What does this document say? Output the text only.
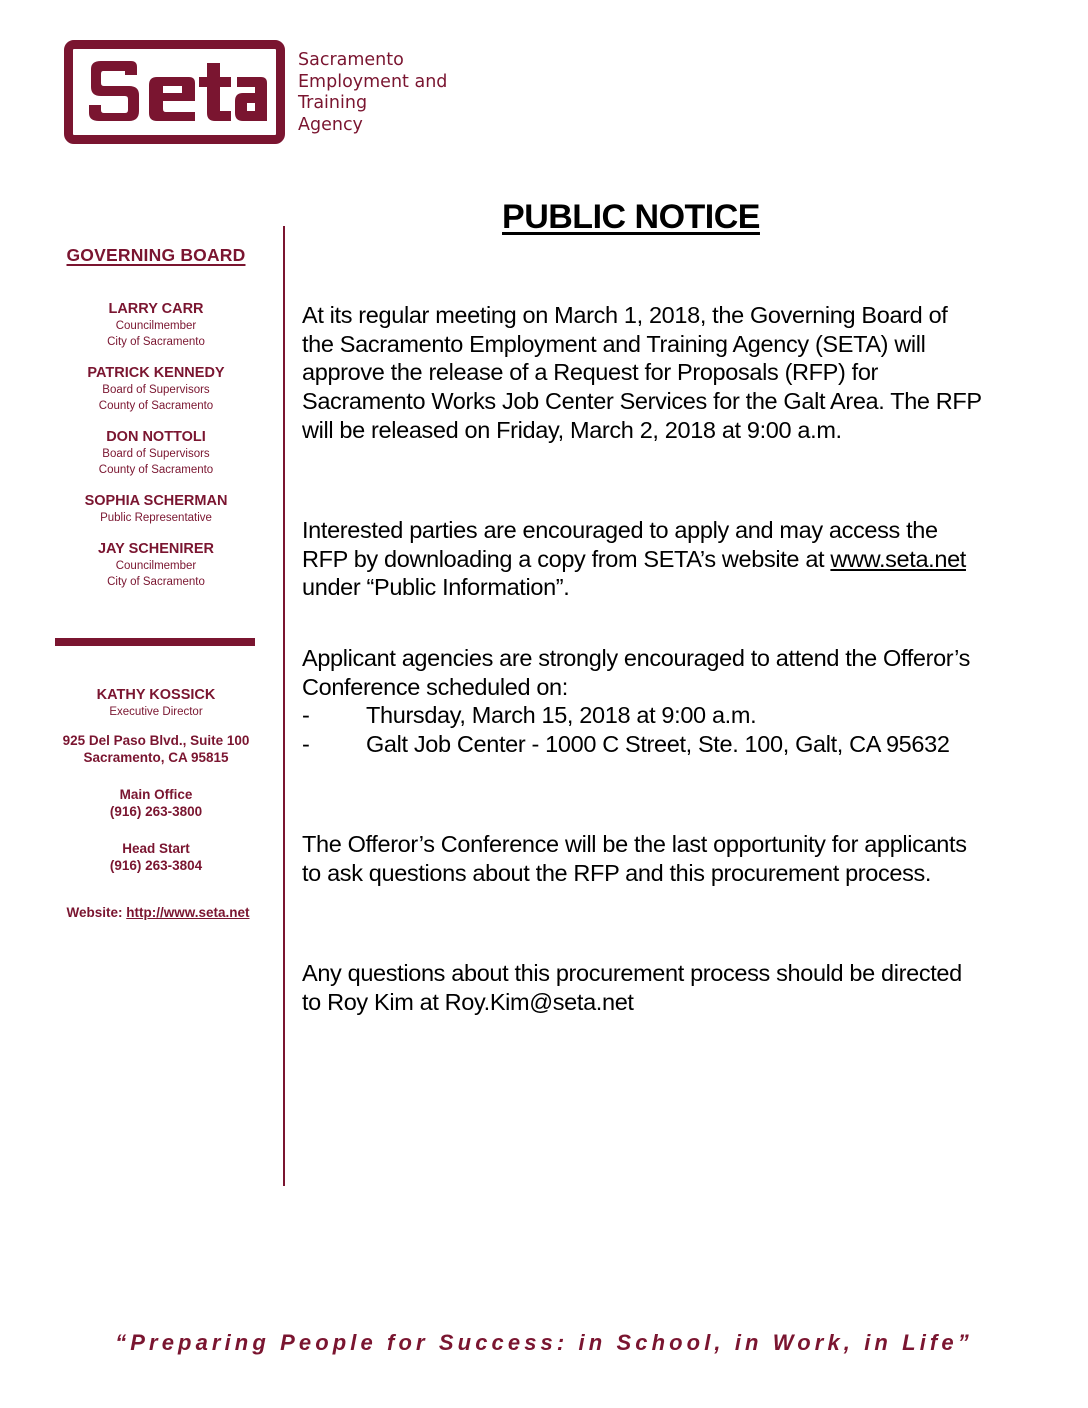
Sacramento
Employment and
Training
Agency
GOVERNING BOARD
LARRY CARR
Councilmember
City of Sacramento
PATRICK KENNEDY
Board of Supervisors
County of Sacramento
DON NOTTOLI
Board of Supervisors
County of Sacramento
SOPHIA SCHERMAN
Public Representative
JAY SCHENIRER
Councilmember
City of Sacramento
KATHY KOSSICK
Executive Director
925 Del Paso Blvd., Suite 100
Sacramento, CA 95815
Main Office
(916) 263-3800
Head Start
(916) 263-3804
Website: http://www.seta.net
PUBLIC NOTICE
At its regular meeting on March 1, 2018, the Governing Board of the Sacramento Employment and Training Agency (SETA) will approve the release of a Request for Proposals (RFP) for Sacramento Works Job Center Services for the Galt Area. The RFP will be released on Friday, March 2, 2018 at 9:00 a.m.
Interested parties are encouraged to apply and may access the RFP by downloading a copy from SETA’s website at www.seta.net under “Public Information”.
Applicant agencies are strongly encouraged to attend the Offeror’s Conference scheduled on:
- Thursday, March 15, 2018 at 9:00 a.m.
- Galt Job Center - 1000 C Street, Ste. 100, Galt, CA 95632
The Offeror’s Conference will be the last opportunity for applicants to ask questions about the RFP and this procurement process.
Any questions about this procurement process should be directed to Roy Kim at Roy.Kim@seta.net
“Preparing People for Success: in School, in Work, in Life”
